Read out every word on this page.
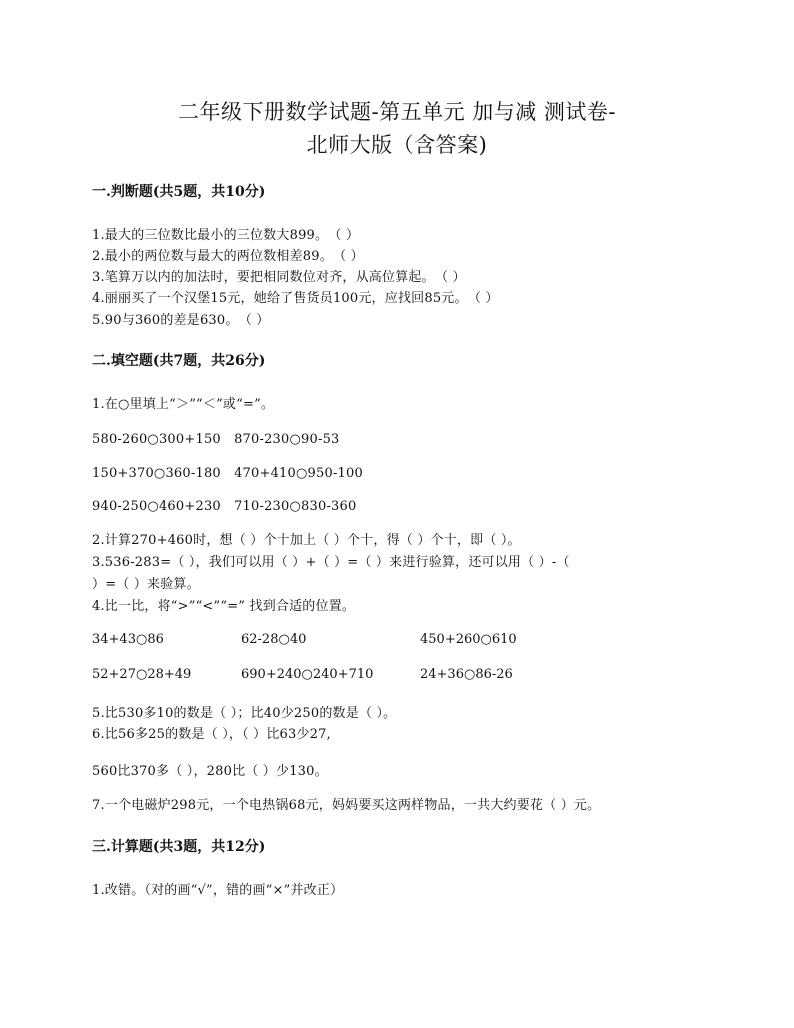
二年级下册数学试题-第五单元 加与减 测试卷-
北师大版（含答案)
一.判断题(共5题，共10分)
1.最大的三位数比最小的三位数大899。　（ ）
2.最小的两位数与最大的两位数相差89。　（ ）
3.笔算万以内的加法时，要把相同数位对齐，从高位算起。　（ ）
4.丽丽买了一个汉堡15元，她给了售货员100元，应找回85元。　（ ）
5.90与360的差是630。　（ ）
二.填空题(共7题，共26分)
1.在○里填上“＞”“＜”或“=”。
580-260○300+150　870-230○90-53
150+370○360-180　470+410○950-100
940-250○460+230　710-230○830-360
2.计算270+460时，想（ ）个十加上（ ）个十，得（ ）个十，即（ ）。
3.536-283=（ ），我们可以用（ ）+（ ）=（ ）来进行验算，还可以用（ ）-（
）=（ ）来验算。
4.比一比，将“>”“<”“=” 找到合适的位置。
34+43○86	62-28○40	450+260○610
52+27○28+49	690+240○240+710	24+36○86-26
5.比530多10的数是（ ）；比40少250的数是（ ）。
6.比56多25的数是（ ），（ ）比63少27,
560比370多（ ），280比（ ）少130。
7.一个电磁炉298元，一个电热锅68元，妈妈要买这两样物品，一共大约要花（ ）元。
三.计算题(共3题，共12分)
1.改错。（对的画“√”，错的画“×”并改正）
